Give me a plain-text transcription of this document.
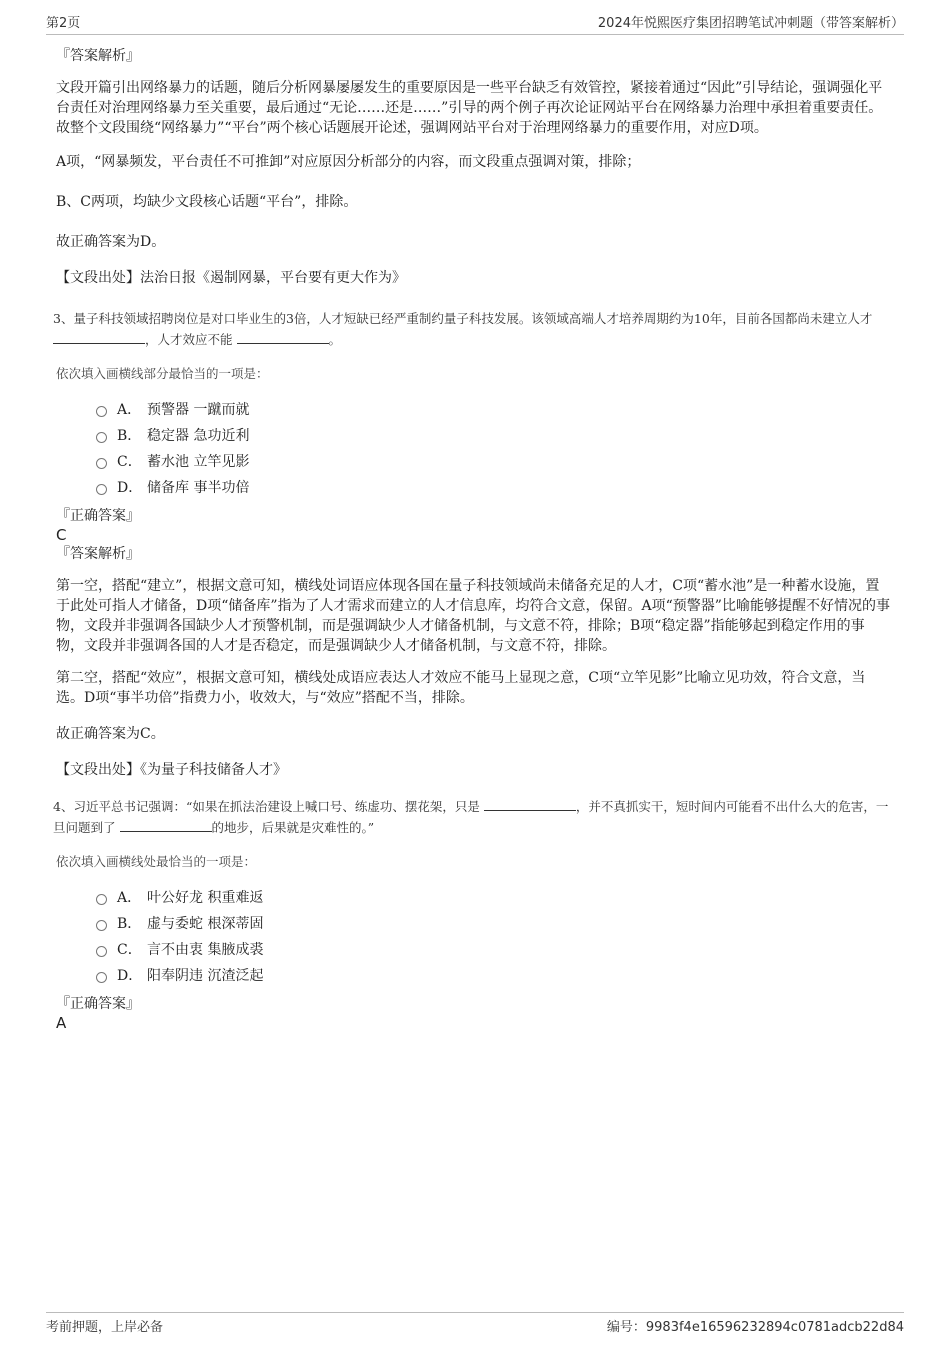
第2页	2024年悦熙医疗集团招聘笔试冲刺题（带答案解析）

『答案解析』

文段开篇引出网络暴力的话题，随后分析网暴屡屡发生的重要原因是一些平台缺乏有效管控，紧接着通过“因此”引导结论，强调强化平台责任对治理网络暴力至关重要，最后通过“无论……还是……”引导的两个例子再次论证网站平台在网络暴力治理中承担着重要责任。故整个文段围绕“网络暴力”“平台”两个核心话题展开论述，强调网站平台对于治理网络暴力的重要作用，对应D项。

A项，“网暴频发，平台责任不可推卸”对应原因分析部分的内容，而文段重点强调对策，排除；

B、C两项，均缺少文段核心话题“平台”，排除。

故正确答案为D。

【文段出处】法治日报《遏制网暴，平台要有更大作为》

3、量子科技领域招聘岗位是对口毕业生的3倍，人才短缺已经严重制约量子科技发展。该领域高端人才培养周期约为10年，目前各国都尚未建立人才 ，人才效应不能	。

依次填入画横线部分最恰当的一项是：

A． 预警器 一蹴而就
B． 稳定器 急功近利
C． 蓄水池 立竿见影
D． 储备库 事半功倍

『正确答案』

C

『答案解析』

第一空，搭配“建立”，根据文意可知，横线处词语应体现各国在量子科技领域尚未储备充足的人才，C项“蓄水池”是一种蓄水设施，置于此处可指人才储备，D项“储备库”指为了人才需求而建立的人才信息库，均符合文意，保留。A项“预警器”比喻能够提醒不好情况的事物，文段并非强调各国缺少人才预警机制，而是强调缺少人才储备机制，与文意不符，排除；B项“稳定器”指能够起到稳定作用的事物，文段并非强调各国的人才是否稳定，而是强调缺少人才储备机制，与文意不符，排除。

第二空，搭配“效应”，根据文意可知，横线处成语应表达人才效应不能马上显现之意，C项“立竿见影”比喻立见功效，符合文意，当选。D项“事半功倍”指费力小，收效大，与“效应”搭配不当，排除。

故正确答案为C。

【文段出处】《为量子科技储备人才》

4、习近平总书记强调：“如果在抓法治建设上喊口号、练虚功、摆花架，只是	，并不真抓实干，短时间内可能看不出什么大的危害，一旦问题到了	的地步，后果就是灾难性的。”

依次填入画横线处最恰当的一项是：

A． 叶公好龙 积重难返
B． 虚与委蛇 根深蒂固
C． 言不由衷 集腋成裘
D． 阳奉阴违 沉渣泛起

『正确答案』

A

考前押题，上岸必备	编号：9983f4e16596232894c0781adcb22d84
